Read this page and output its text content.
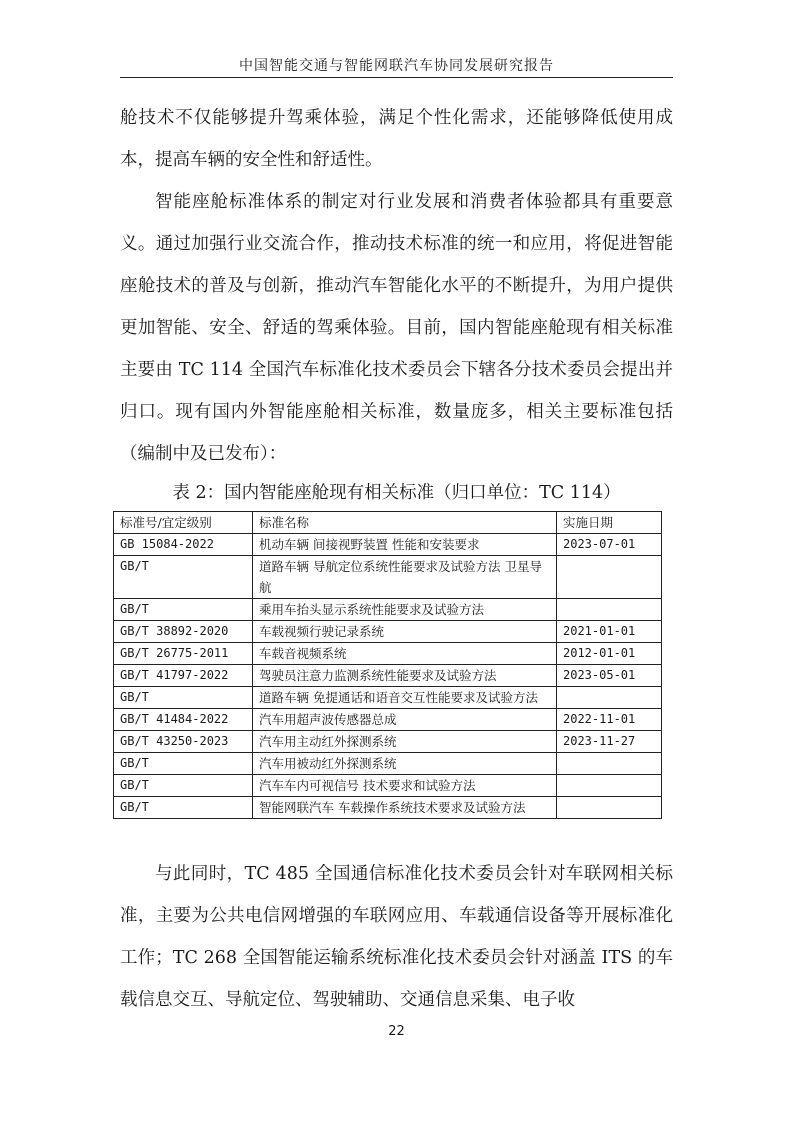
中国智能交通与智能网联汽车协同发展研究报告

舱技术不仅能够提升驾乘体验，满足个性化需求，还能够降低使用成本，提高车辆的安全性和舒适性。

智能座舱标准体系的制定对行业发展和消费者体验都具有重要意义。通过加强行业交流合作，推动技术标准的统一和应用，将促进智能座舱技术的普及与创新，推动汽车智能化水平的不断提升，为用户提供更加智能、安全、舒适的驾乘体验。目前，国内智能座舱现有相关标准主要由 TC 114 全国汽车标准化技术委员会下辖各分技术委员会提出并归口。现有国内外智能座舱相关标准，数量庞多，相关主要标准包括（编制中及已发布）：

表 2：国内智能座舱现有相关标准（归口单位：TC 114）
标准号/宜定级别	标准名称	实施日期
GB 15084-2022	机动车辆 间接视野装置 性能和安装要求	2023-07-01
GB/T	道路车辆 导航定位系统性能要求及试验方法 卫星导航	
GB/T	乘用车抬头显示系统性能要求及试验方法	
GB/T 38892-2020	车载视频行驶记录系统	2021-01-01
GB/T 26775-2011	车载音视频系统	2012-01-01
GB/T 41797-2022	驾驶员注意力监测系统性能要求及试验方法	2023-05-01
GB/T	道路车辆 免提通话和语音交互性能要求及试验方法	
GB/T 41484-2022	汽车用超声波传感器总成	2022-11-01
GB/T 43250-2023	汽车用主动红外探测系统	2023-11-27
GB/T	汽车用被动红外探测系统	
GB/T	汽车车内可视信号 技术要求和试验方法	
GB/T	智能网联汽车 车载操作系统技术要求及试验方法	

与此同时，TC 485 全国通信标准化技术委员会针对车联网相关标准，主要为公共电信网增强的车联网应用、车载通信设备等开展标准化工作；TC 268 全国智能运输系统标准化技术委员会针对涵盖 ITS 的车载信息交互、导航定位、驾驶辅助、交通信息采集、电子收

22
